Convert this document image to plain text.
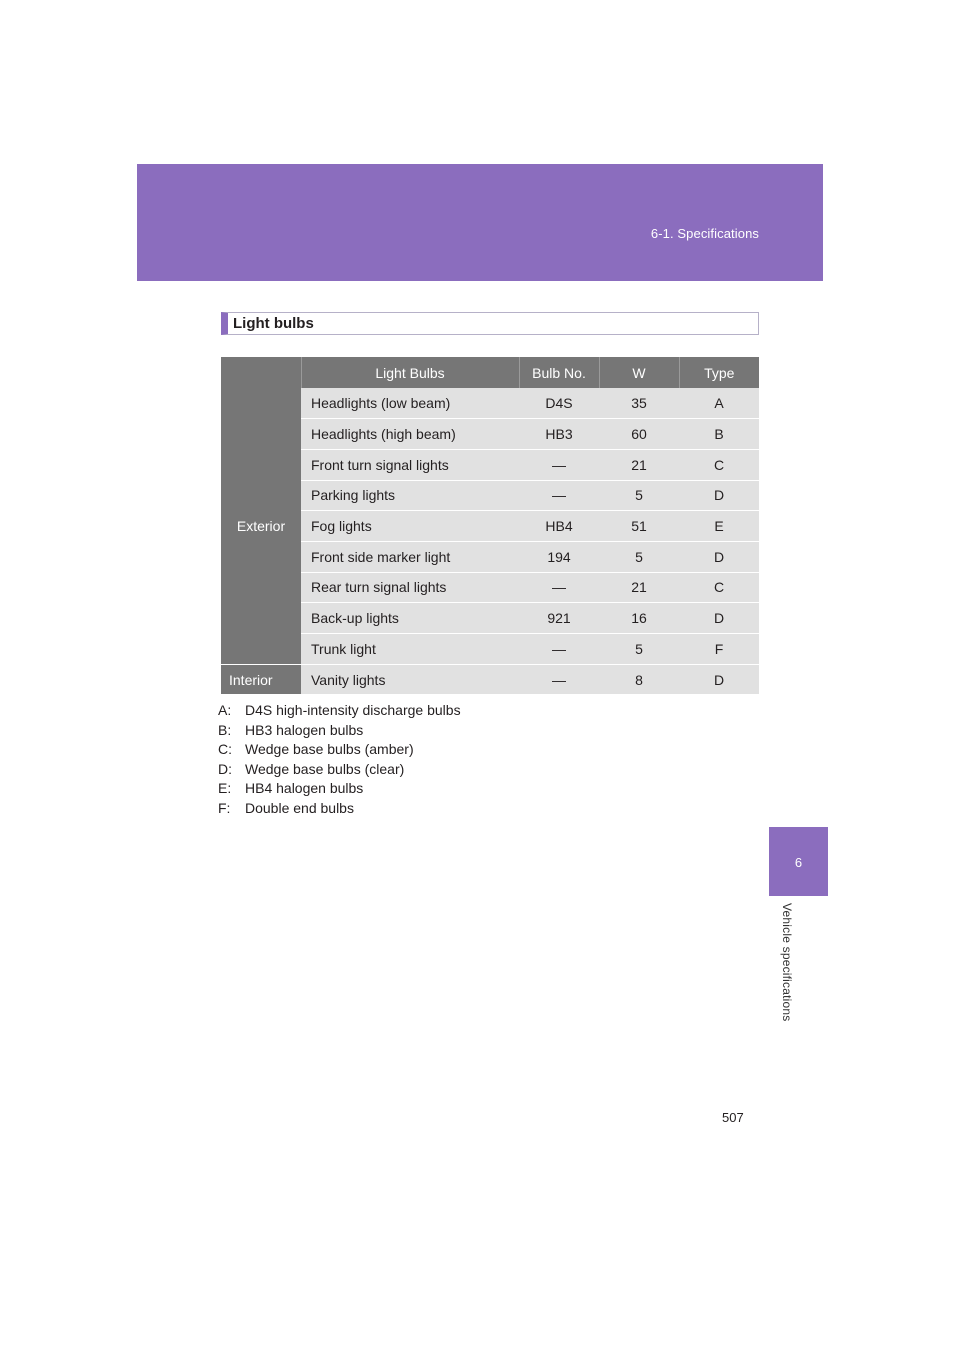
6-1. Specifications
6
Vehicle specifications
Light bulbs
	Light Bulbs	Bulb No.	W	Type
Exterior	Headlights (low beam)	D4S	35	A
	Headlights (high beam)	HB3	60	B
	Front turn signal lights	—	21	C
	Parking lights	—	5	D
	Fog lights	HB4	51	E
	Front side marker light	194	5	D
	Rear turn signal lights	—	21	C
	Back-up lights	921	16	D
	Trunk light	—	5	F
Interior	Vanity lights	—	8	D
A: D4S high-intensity discharge bulbs
B: HB3 halogen bulbs
C: Wedge base bulbs (amber)
D: Wedge base bulbs (clear)
E: HB4 halogen bulbs
F: Double end bulbs
507
